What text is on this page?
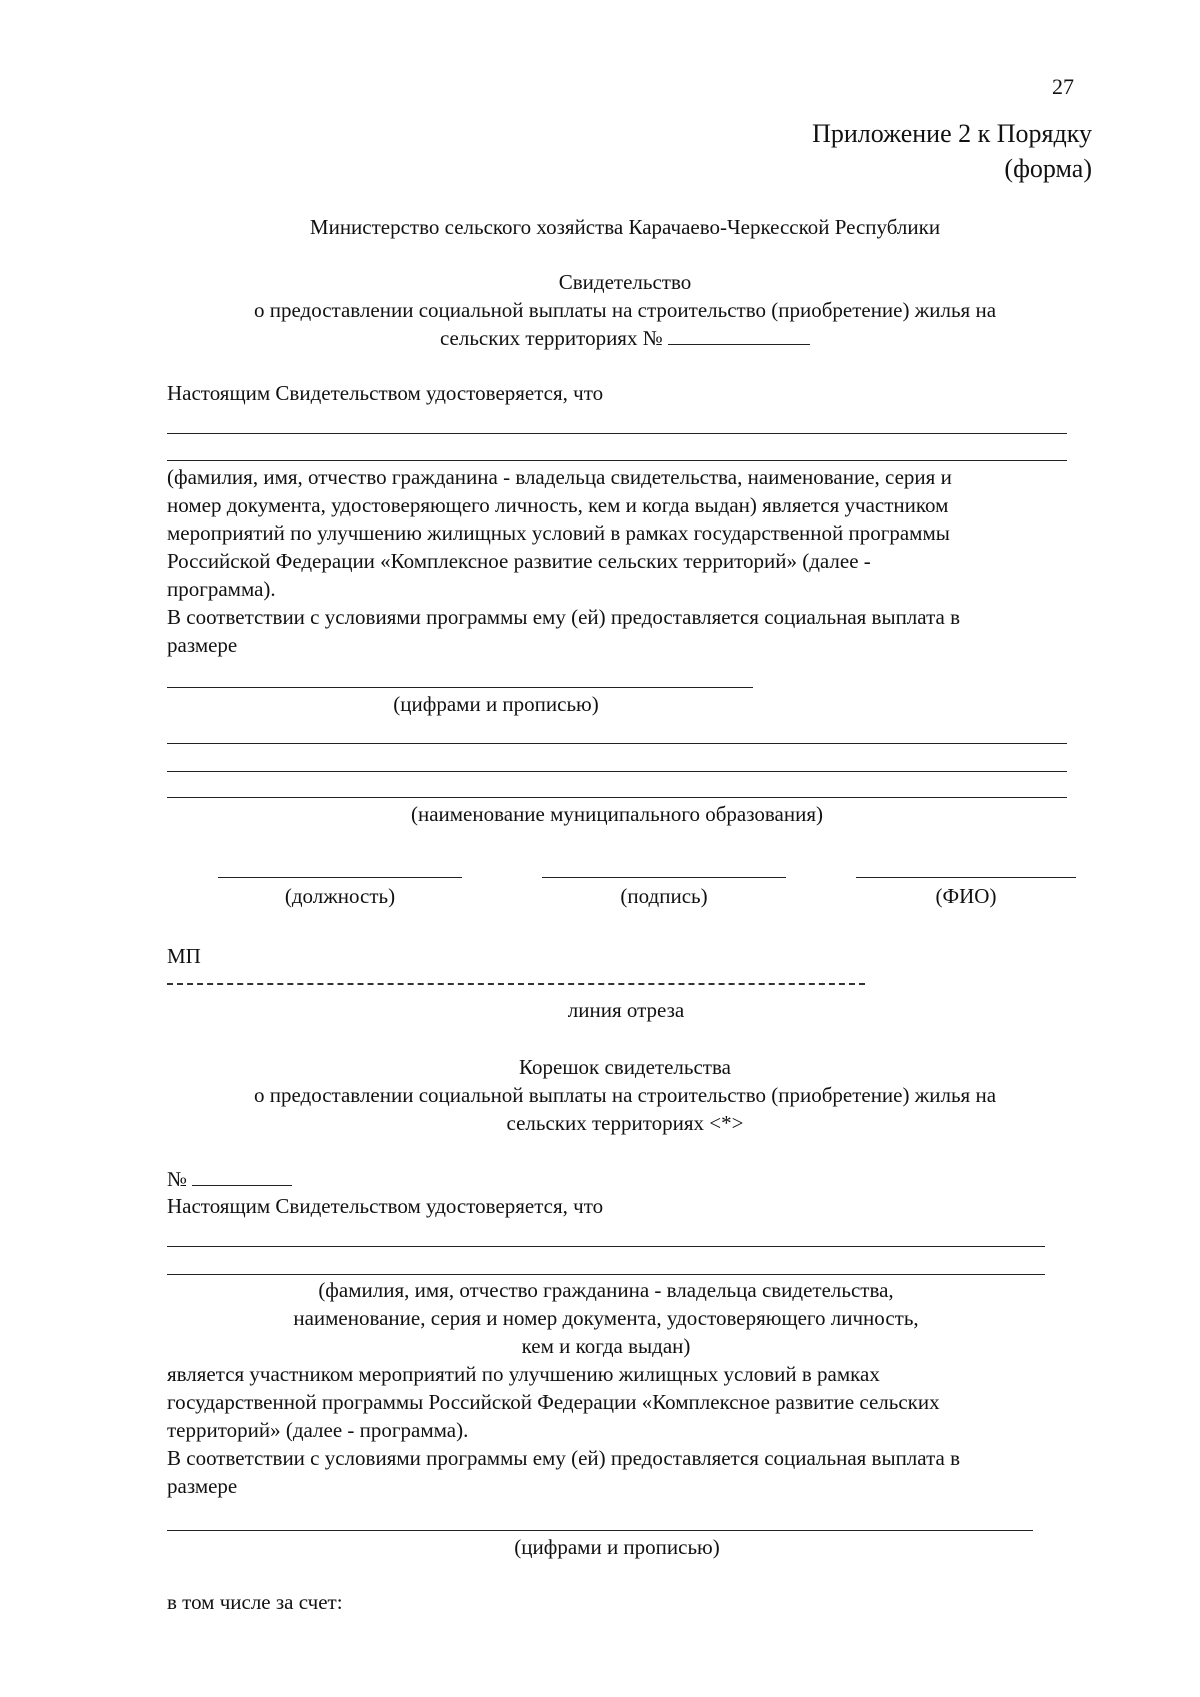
27
Приложение 2 к Порядку
(форма)
Министерство сельского хозяйства Карачаево-Черкесской Республики
Свидетельство
о предоставлении социальной выплаты на строительство (приобретение) жилья на
сельских территориях №
Настоящим Свидетельством удостоверяется, что
(фамилия, имя, отчество гражданина - владельца свидетельства, наименование, серия и
номер документа, удостоверяющего личность, кем и когда выдан) является участником
мероприятий по улучшению жилищных условий в рамках государственной программы
Российской Федерации «Комплексное развитие сельских территорий» (далее -
программа).
В соответствии с условиями программы ему (ей) предоставляется социальная выплата в
размере
(цифрами и прописью)
(наименование муниципального образования)
(должность)	(подпись)	(ФИО)
МП
линия отреза
Корешок свидетельства
о предоставлении социальной выплаты на строительство (приобретение) жилья на
сельских территориях <*>
№
Настоящим Свидетельством удостоверяется, что
(фамилия, имя, отчество гражданина - владельца свидетельства,
наименование, серия и номер документа, удостоверяющего личность,
кем и когда выдан)
является участником мероприятий по улучшению жилищных условий в рамках
государственной программы Российской Федерации «Комплексное развитие сельских
территорий» (далее - программа).
В соответствии с условиями программы ему (ей) предоставляется социальная выплата в
размере
(цифрами и прописью)
в том числе за счет:
